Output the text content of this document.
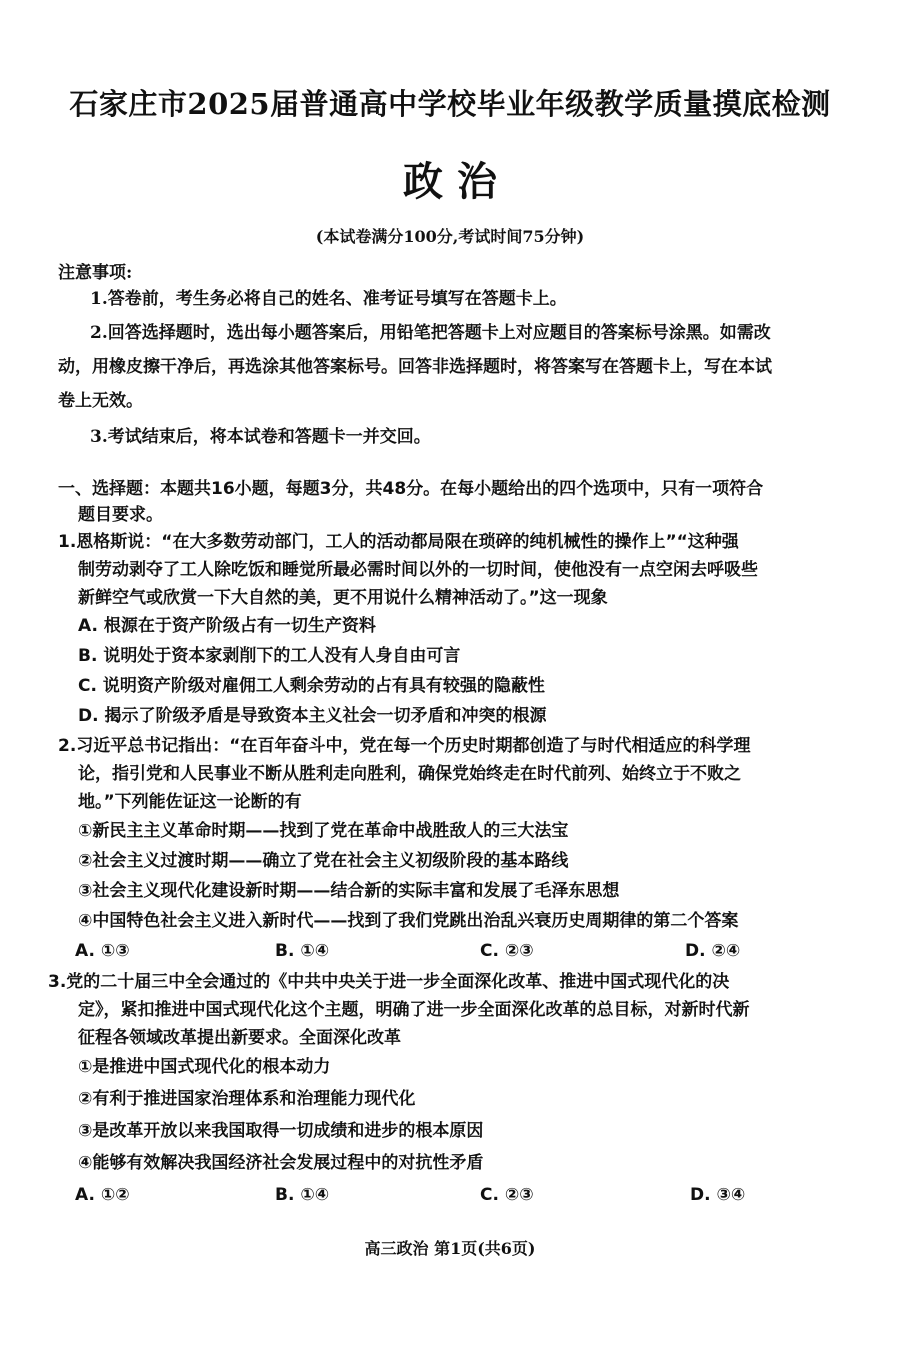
石家庄市2025届普通高中学校毕业年级教学质量摸底检测
政 治
(本试卷满分100分,考试时间75分钟)
注意事项:
1.答卷前，考生务必将自己的姓名、准考证号填写在答题卡上。
2.回答选择题时，选出每小题答案后，用铅笔把答题卡上对应题目的答案标号涂黑。如需改
动，用橡皮擦干净后，再选涂其他答案标号。回答非选择题时，将答案写在答题卡上，写在本试
卷上无效。
3.考试结束后，将本试卷和答题卡一并交回。
一、选择题：本题共16小题，每题3分，共48分。在每小题给出的四个选项中，只有一项符合
题目要求。
1.恩格斯说：“在大多数劳动部门，工人的活动都局限在琐碎的纯机械性的操作上”“这种强
制劳动剥夺了工人除吃饭和睡觉所最必需时间以外的一切时间，使他没有一点空闲去呼吸些
新鲜空气或欣赏一下大自然的美，更不用说什么精神活动了。”这一现象
A. 根源在于资产阶级占有一切生产资料
B. 说明处于资本家剥削下的工人没有人身自由可言
C. 说明资产阶级对雇佣工人剩余劳动的占有具有较强的隐蔽性
D. 揭示了阶级矛盾是导致资本主义社会一切矛盾和冲突的根源
2.习近平总书记指出：“在百年奋斗中，党在每一个历史时期都创造了与时代相适应的科学理
论，指引党和人民事业不断从胜利走向胜利，确保党始终走在时代前列、始终立于不败之
地。”下列能佐证这一论断的有
①新民主主义革命时期——找到了党在革命中战胜敌人的三大法宝
②社会主义过渡时期——确立了党在社会主义初级阶段的基本路线
③社会主义现代化建设新时期——结合新的实际丰富和发展了毛泽东思想
④中国特色社会主义进入新时代——找到了我们党跳出治乱兴衰历史周期律的第二个答案
A. ①③	B. ①④	C. ②③	D. ②④
3.党的二十届三中全会通过的《中共中央关于进一步全面深化改革、推进中国式现代化的决
定》，紧扣推进中国式现代化这个主题，明确了进一步全面深化改革的总目标，对新时代新
征程各领域改革提出新要求。全面深化改革
①是推进中国式现代化的根本动力
②有利于推进国家治理体系和治理能力现代化
③是改革开放以来我国取得一切成绩和进步的根本原因
④能够有效解决我国经济社会发展过程中的对抗性矛盾
A. ①②	B. ①④	C. ②③	D. ③④
高三政治 第1页(共6页)
